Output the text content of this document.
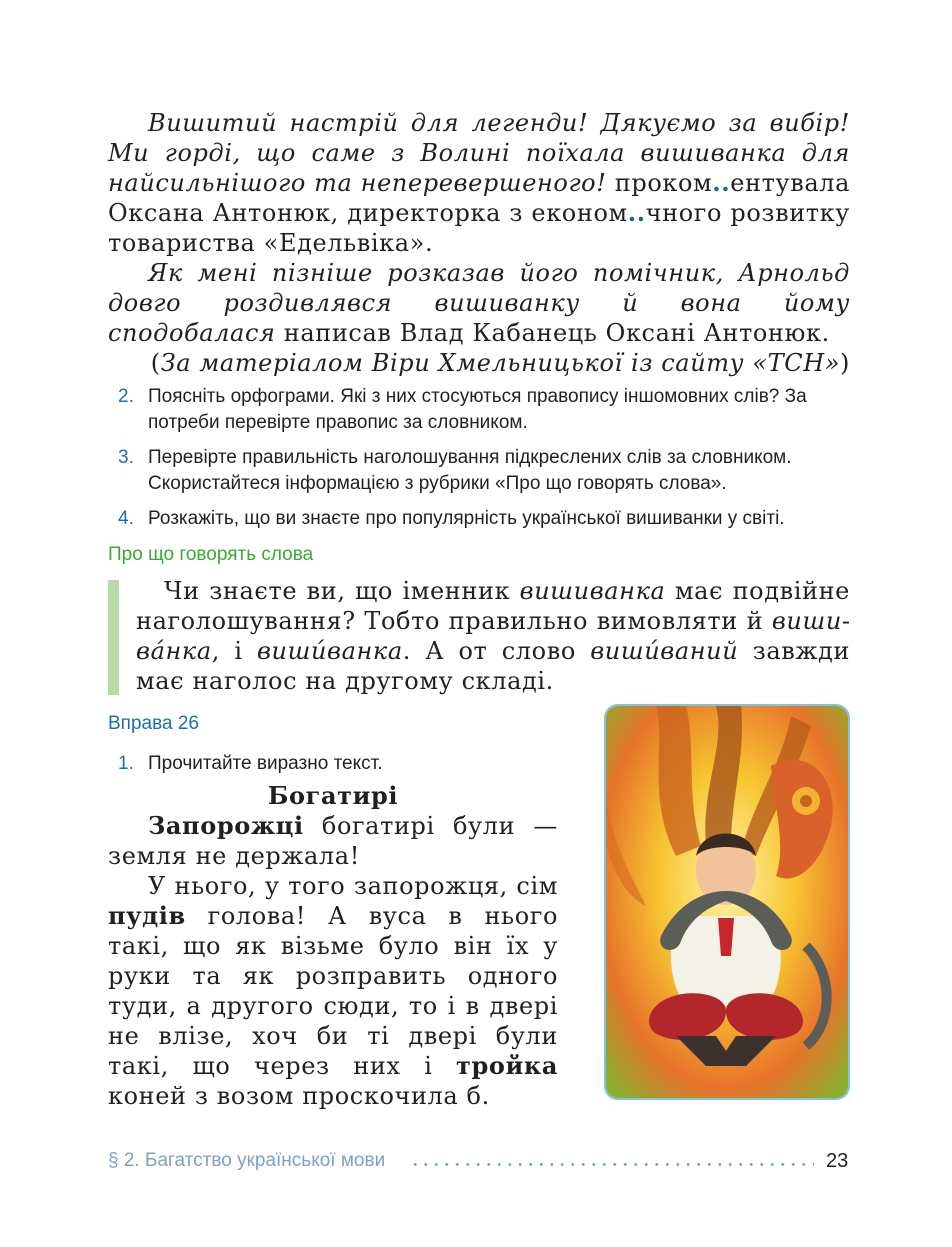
Вишитий настрій для легенди! Дякуємо за вибір! Ми горді, що саме з Волині поїхала вишиванка для найсильнішого та неперевершеного! проком..ентувала Оксана Антонюк, директорка з економ..чного розвитку товариства «Едельвіка».
Як мені пізніше розказав його помічник, Арнольд довго роздивлявся вишиванку й вона йому сподобалася написав Влад Кабанець Оксані Антонюк.
(За матеріалом Віри Хмельницької із сайту «ТСН»)
2. Поясніть орфограми. Які з них стосуються правопису іншомовних слів? За потреби перевірте правопис за словником.
3. Перевірте правильність наголошування підкреслених слів за словником. Скористайтеся інформацією з рубрики «Про що говорять слова».
4. Розкажіть, що ви знаєте про популярність української вишиванки у світі.
Про що говорять слова
Чи знаєте ви, що іменник вишиванка має подвійне наголошування? Тобто правильно вимовляти й вишива́нка, і виши́ванка. А от слово виши́ваний завжди має наголос на другому складі.
Вправа 26
1. Прочитайте виразно текст.
Богатирі
Запорожці богатирі були — земля не держала!
У нього, у того запорожця, сім пудів голова! А вуса в нього такі, що як візьме було він їх у руки та як розправить одного туди, а другого сюди, то і в двері не влізе, хоч би ті двері були такі, що через них і тройка коней з возом проскочила б.
§ 2. Багатство української мови	23
